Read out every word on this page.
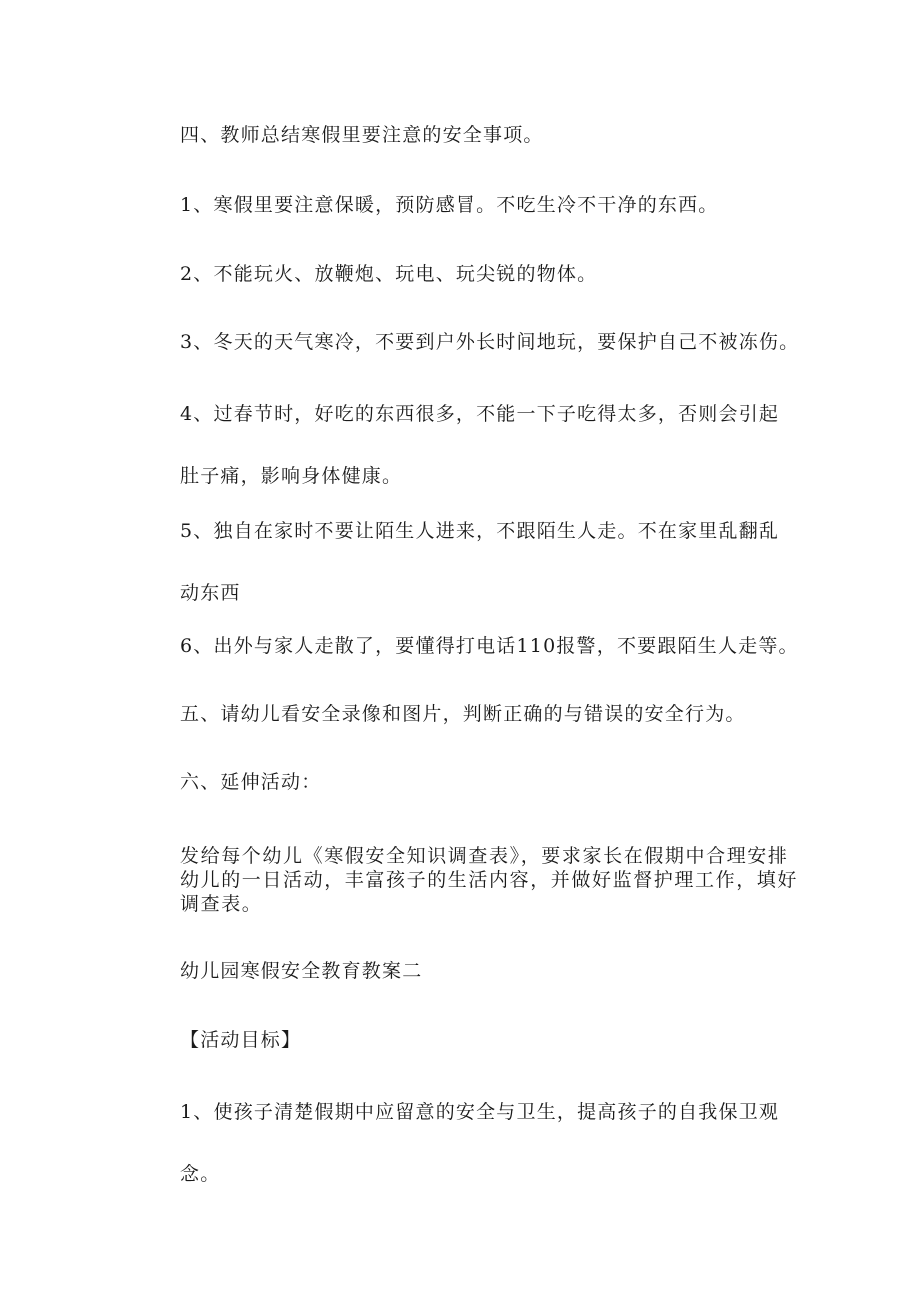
四、教师总结寒假里要注意的安全事项。

1、寒假里要注意保暖，预防感冒。不吃生冷不干净的东西。

2、不能玩火、放鞭炮、玩电、玩尖锐的物体。

3、冬天的天气寒冷，不要到户外长时间地玩，要保护自己不被冻伤。

4、过春节时，好吃的东西很多，不能一下子吃得太多，否则会引起肚子痛，影响身体健康。

5、独自在家时不要让陌生人进来，不跟陌生人走。不在家里乱翻乱动东西

6、出外与家人走散了，要懂得打电话110报警，不要跟陌生人走等。

五、请幼儿看安全录像和图片，判断正确的与错误的安全行为。

六、延伸活动：

发给每个幼儿《寒假安全知识调查表》，要求家长在假期中合理安排幼儿的一日活动，丰富孩子的生活内容，并做好监督护理工作，填好调查表。

幼儿园寒假安全教育教案二

【活动目标】

1、使孩子清楚假期中应留意的安全与卫生，提高孩子的自我保卫观念。
